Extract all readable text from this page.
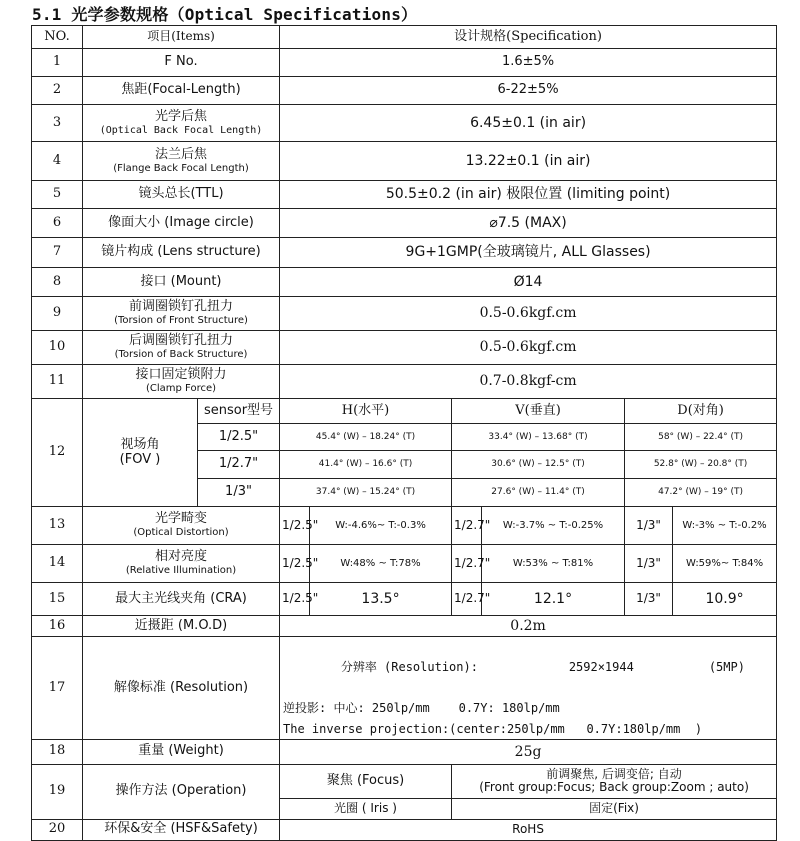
5.1 光学参数规格（Optical Specifications）
NO.	项目(Items)		设计规格(Specification)					
1	F No.		1.6±5%					
2	焦距(Focal-Length)		6-22±5%					
3	光学后焦
(Optical Back Focal Length)		6.45±0.1 (in air)					
4	法兰后焦
(Flange Back Focal Length)		13.22±0.1 (in air)					
5	镜头总长(TTL)		50.5±0.2 (in air) 极限位置 (limiting point)					
6	像面大小 (Image circle)		⌀7.5 (MAX)					
7	镜片构成 (Lens structure)		9G+1GMP(全玻璃镜片, ALL Glasses)					
8	接口 (Mount)		Ø14					
9	前调圈锁钉孔扭力
(Torsion of Front Structure)		0.5-0.6kgf.cm					
10	后调圈锁钉孔扭力
(Torsion of Back Structure)		0.5-0.6kgf.cm					
11	接口固定锁附力
(Clamp Force)		0.7-0.8kgf-cm					
12	视场角
(FOV )	sensor型号	H(水平)		V(垂直)		D(对角)	
		1/2.5"	45.4° (W) – 18.24° (T)		33.4° (W) – 13.68° (T)		58° (W) – 22.4° (T)	
		1/2.7"	41.4° (W) – 16.6° (T)		30.6° (W) – 12.5° (T)		52.8° (W) – 20.8° (T)	
		1/3"	37.4° (W) – 15.24° (T)		27.6° (W) – 11.4° (T)		47.2° (W) – 19° (T)	
13	光学畸变
(Optical Distortion)		1/2.5"	W:-4.6%~ T:-0.3%	1/2.7"	W:-3.7% ~ T:-0.25%	1/3"	W:-3% ~ T:-0.2%
14	相对亮度
(Relative Illumination)		1/2.5"	W:48% ~ T:78%	1/2.7"	W:53% ~ T:81%	1/3"	W:59%~ T:84%
15	最大主光线夹角 (CRA)		1/2.5"	13.5°	1/2.7"	12.1°	1/3"	10.9°
16	近摄距 (M.O.D)		0.2m					
17	解像标准 (Resolution)		分辨率 (Resolution): 2592×1944 (5MP)

逆投影: 中心: 250lp/mm    0.7Y: 180lp/mm
The inverse projection:(center:250lp/mm   0.7Y:180lp/mm  )					

18	重量 (Weight)		25g					
19	操作方法 (Operation)		聚焦 (Focus)		前调聚焦, 后调变倍; 自动
(Front group:Focus; Back group:Zoom ; auto)			

			光圈 ( Iris )		固定(Fix)			
20	环保&安全 (HSF&Safety)		RoHS					
